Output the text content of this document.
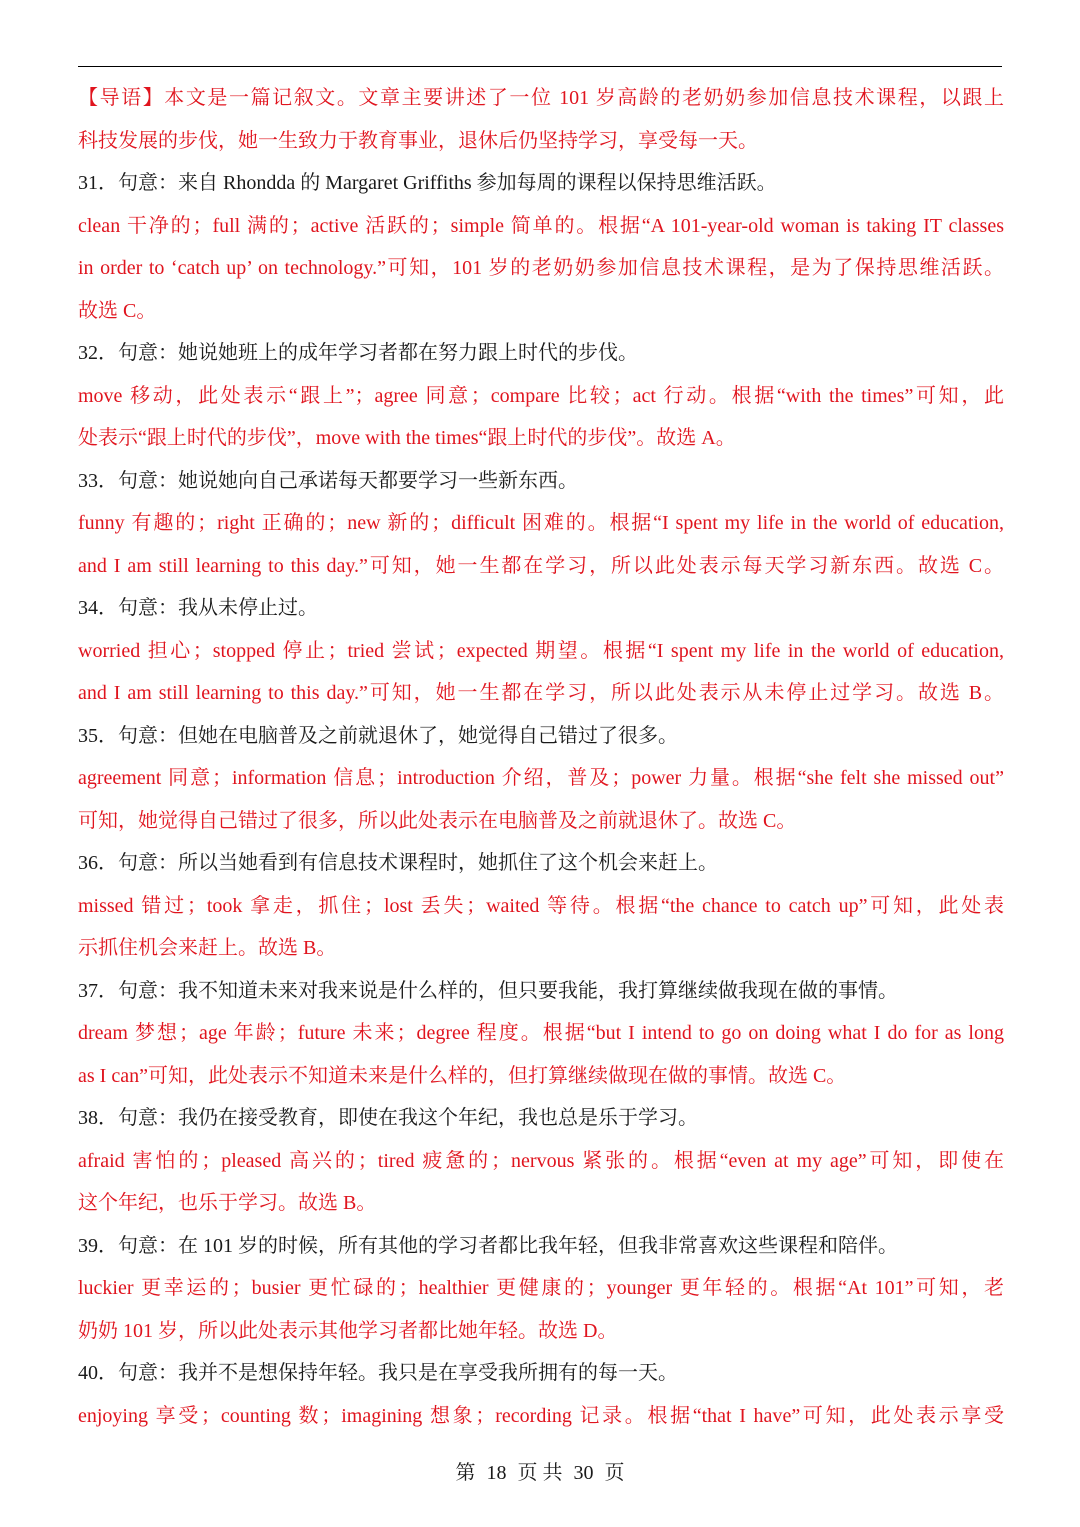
【导语】本文是一篇记叙文。文章主要讲述了一位 101 岁高龄的老奶奶参加信息技术课程，以跟上
科技发展的步伐，她一生致力于教育事业，退休后仍坚持学习，享受每一天。
31．句意：来自 Rhondda 的 Margaret Griffiths 参加每周的课程以保持思维活跃。
clean 干净的；full 满的；active 活跃的；simple 简单的。根据“A 101-year-old woman is taking IT classes
in order to ‘catch up’ on technology.”可知，101 岁的老奶奶参加信息技术课程，是为了保持思维活跃。
故选 C。
32．句意：她说她班上的成年学习者都在努力跟上时代的步伐。
move 移动，此处表示“跟上”；agree 同意；compare 比较；act 行动。根据“with the times”可知，此
处表示“跟上时代的步伐”，move with the times“跟上时代的步伐”。故选 A。
33．句意：她说她向自己承诺每天都要学习一些新东西。
funny 有趣的；right 正确的；new 新的；difficult 困难的。根据“I spent my life in the world of education,
and I am still learning to this day.”可知，她一生都在学习，所以此处表示每天学习新东西。故选 C。
34．句意：我从未停止过。
worried 担心；stopped 停止；tried 尝试；expected 期望。根据“I spent my life in the world of education,
and I am still learning to this day.”可知，她一生都在学习，所以此处表示从未停止过学习。故选 B。
35．句意：但她在电脑普及之前就退休了，她觉得自己错过了很多。
agreement 同意；information 信息；introduction 介绍，普及；power 力量。根据“she felt she missed out”
可知，她觉得自己错过了很多，所以此处表示在电脑普及之前就退休了。故选 C。
36．句意：所以当她看到有信息技术课程时，她抓住了这个机会来赶上。
missed 错过；took 拿走，抓住；lost 丢失；waited 等待。根据“the chance to catch up”可知，此处表
示抓住机会来赶上。故选 B。
37．句意：我不知道未来对我来说是什么样的，但只要我能，我打算继续做我现在做的事情。
dream 梦想；age 年龄；future 未来；degree 程度。根据“but I intend to go on doing what I do for as long
as I can”可知，此处表示不知道未来是什么样的，但打算继续做现在做的事情。故选 C。
38．句意：我仍在接受教育，即使在我这个年纪，我也总是乐于学习。
afraid 害怕的；pleased 高兴的；tired 疲惫的；nervous 紧张的。根据“even at my age”可知，即使在
这个年纪，也乐于学习。故选 B。
39．句意：在 101 岁的时候，所有其他的学习者都比我年轻，但我非常喜欢这些课程和陪伴。
luckier 更幸运的；busier 更忙碌的；healthier 更健康的；younger 更年轻的。根据“At 101”可知，老
奶奶 101 岁，所以此处表示其他学习者都比她年轻。故选 D。
40．句意：我并不是想保持年轻。我只是在享受我所拥有的每一天。
enjoying 享受；counting 数；imagining 想象；recording 记录。根据“that I have”可知，此处表示享受
第 18 页 共 30 页
